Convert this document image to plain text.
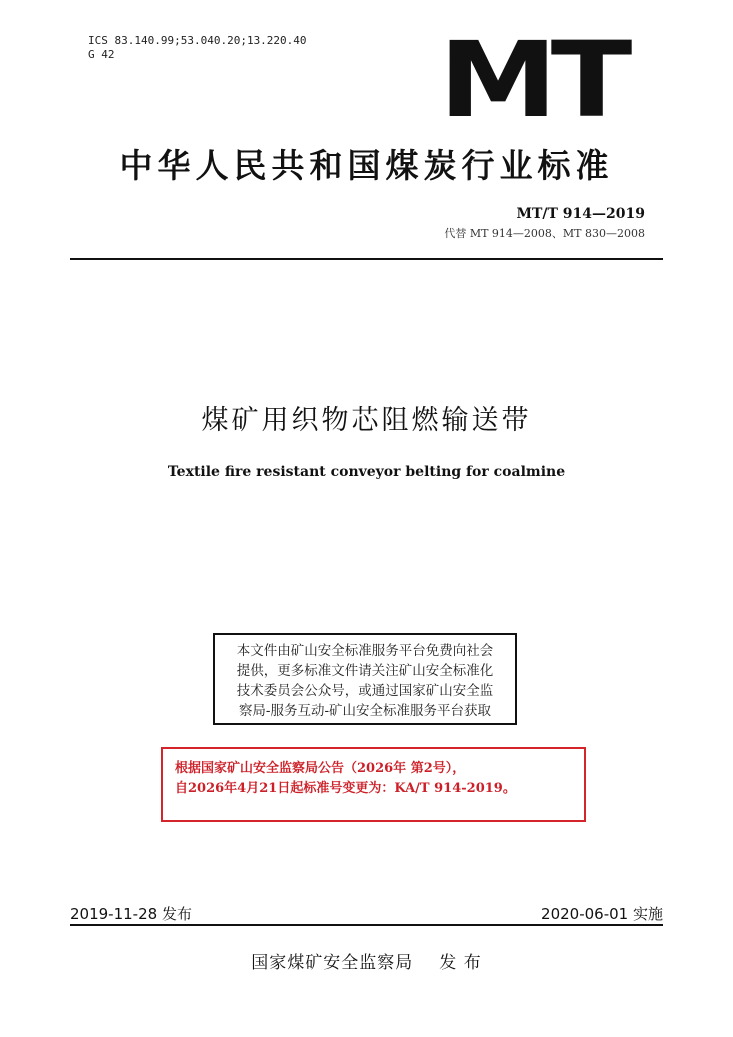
ICS 83.140.99;53.040.20;13.220.40
G 42	MT
中华人民共和国煤炭行业标准
MT/T 914—2019
代替 MT 914—2008、MT 830—2008
煤矿用织物芯阻燃输送带
Textile fire resistant conveyor belting for coalmine
本文件由矿山安全标准服务平台免费向社会
提供，更多标准文件请关注矿山安全标准化
技术委员会公众号，或通过国家矿山安全监
察局-服务互动-矿山安全标准服务平台获取
根据国家矿山安全监察局公告（2026年 第2号），
自2026年4月21日起标准号变更为：KA/T 914-2019。
2019-11-28 发布	2020-06-01 实施
国家煤矿安全监察局 发 布
